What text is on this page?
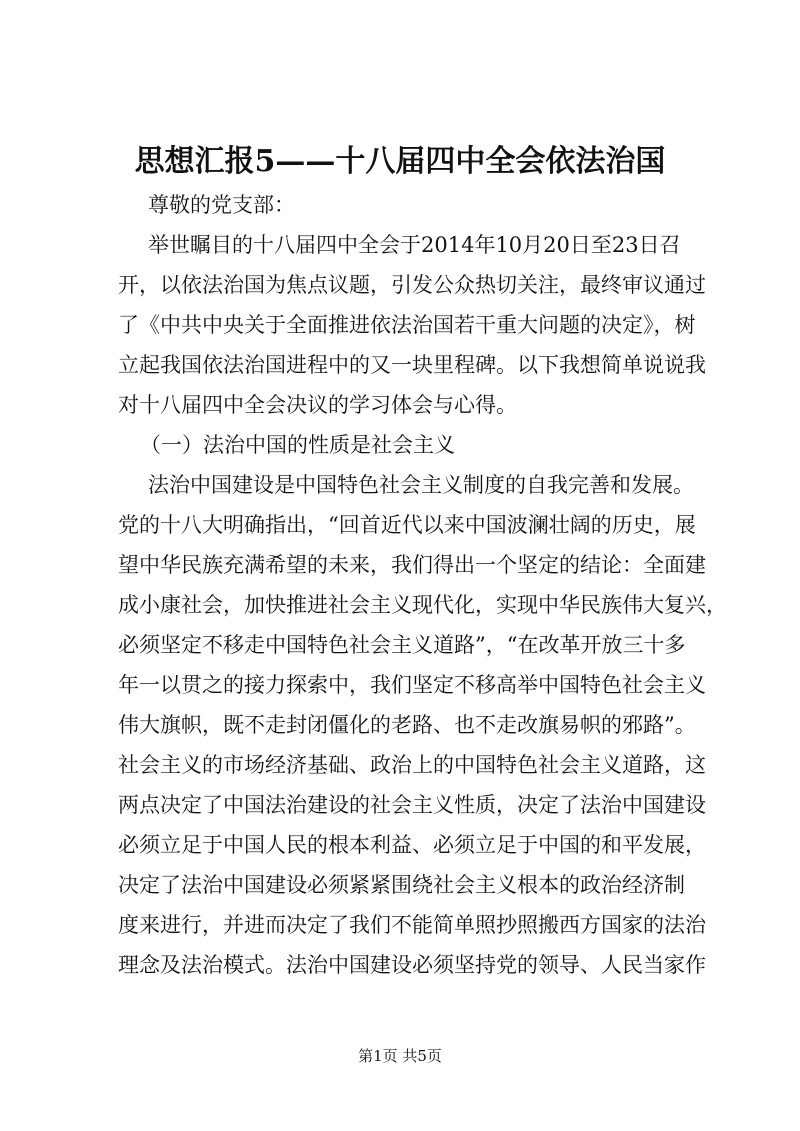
思想汇报5——十八届四中全会依法治国
尊敬的党支部：
举世瞩目的十八届四中全会于2014年10月20日至23日召
开，以依法治国为焦点议题，引发公众热切关注，最终审议通过
了《中共中央关于全面推进依法治国若干重大问题的决定》，树
立起我国依法治国进程中的又一块里程碑。以下我想简单说说我
对十八届四中全会决议的学习体会与心得。
（一）法治中国的性质是社会主义
法治中国建设是中国特色社会主义制度的自我完善和发展。
党的十八大明确指出，“回首近代以来中国波澜壮阔的历史，展
望中华民族充满希望的未来，我们得出一个坚定的结论：全面建
成小康社会，加快推进社会主义现代化，实现中华民族伟大复兴，
必须坚定不移走中国特色社会主义道路”，“在改革开放三十多
年一以贯之的接力探索中，我们坚定不移高举中国特色社会主义
伟大旗帜，既不走封闭僵化的老路、也不走改旗易帜的邪路”。
社会主义的市场经济基础、政治上的中国特色社会主义道路，这
两点决定了中国法治建设的社会主义性质，决定了法治中国建设
必须立足于中国人民的根本利益、必须立足于中国的和平发展，
决定了法治中国建设必须紧紧围绕社会主义根本的政治经济制
度来进行，并进而决定了我们不能简单照抄照搬西方国家的法治
理念及法治模式。法治中国建设必须坚持党的领导、人民当家作
第1页 共5页
